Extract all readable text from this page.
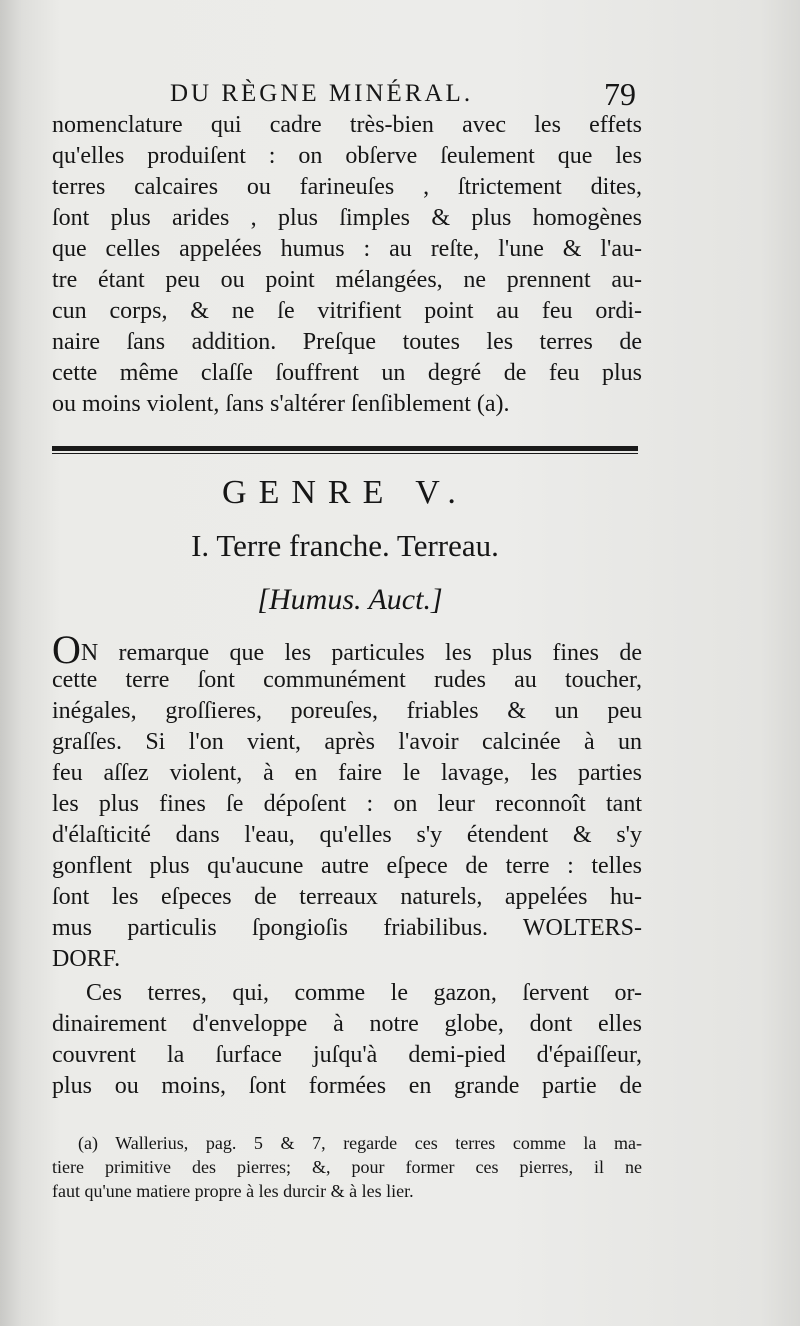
DU RÈGNE MINÉRAL.	79
nomenclature qui cadre très-bien avec les effets
qu'elles produiſent : on obſerve ſeulement que les
terres calcaires ou farineuſes , ſtrictement dites,
ſont plus arides , plus ſimples & plus homogènes
que celles appelées humus : au reſte, l'une & l'au-
tre étant peu ou point mélangées, ne prennent au-
cun corps, & ne ſe vitrifient point au feu ordi-
naire ſans addition. Preſque toutes les terres de
cette même claſſe ſouffrent un degré de feu plus
ou moins violent, ſans s'altérer ſenſiblement (a).
GENRE V.
I. Terre franche. Terreau.
[Humus. Auct.]
ON remarque que les particules les plus fines de
cette terre ſont communément rudes au toucher,
inégales, groſſieres, poreuſes, friables & un peu
graſſes. Si l'on vient, après l'avoir calcinée à un
feu aſſez violent, à en faire le lavage, les parties
les plus fines ſe dépoſent : on leur reconnoît tant
d'élaſticité dans l'eau, qu'elles s'y étendent & s'y
gonflent plus qu'aucune autre eſpece de terre : telles
ſont les eſpeces de terreaux naturels, appelées hu-
mus particulis ſpongioſis friabilibus. WOLTERS-
DORF.
Ces terres, qui, comme le gazon, ſervent or-
dinairement d'enveloppe à notre globe, dont elles
couvrent la ſurface juſqu'à demi-pied d'épaiſſeur,
plus ou moins, ſont formées en grande partie de
(a) Wallerius, pag. 5 & 7, regarde ces terres comme la ma-
tiere primitive des pierres; &, pour former ces pierres, il ne
faut qu'une matiere propre à les durcir & à les lier.
